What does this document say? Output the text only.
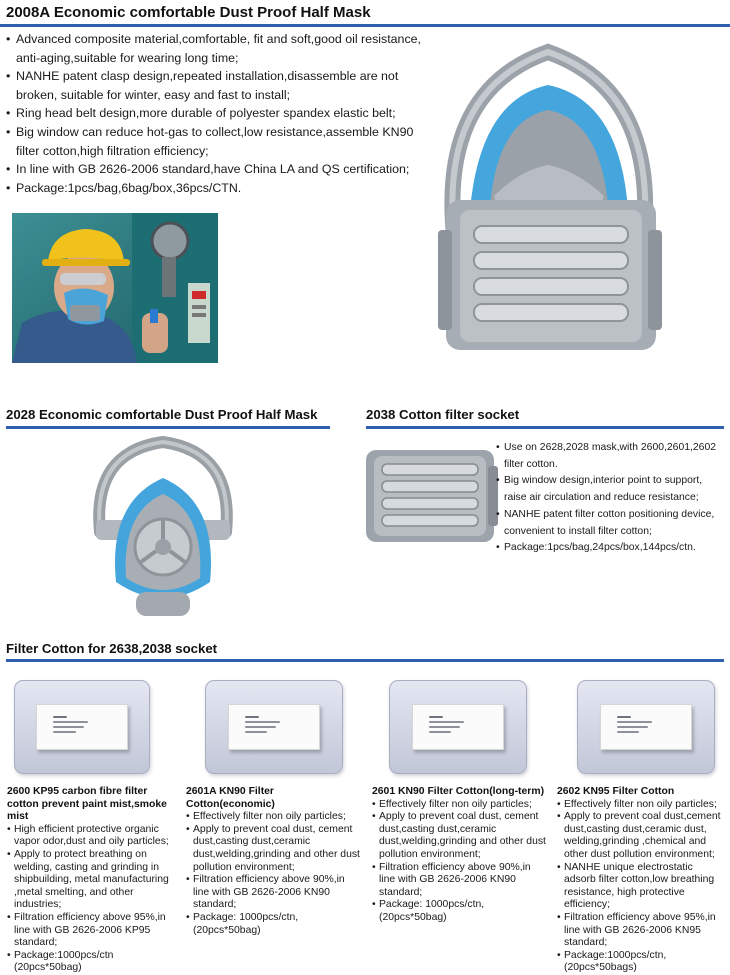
2008A Economic comfortable Dust Proof Half Mask
• Advanced composite material,comfortable, fit and soft,good oil resistance, anti-aging,suitable for wearing long time;
• NANHE patent clasp design,repeated installation,disassemble are not broken, suitable for winter, easy and fast to install;
• Ring head belt design,more durable of polyester spandex elastic belt;
• Big window can reduce hot-gas to collect,low resistance,assemble KN90 filter cotton,high filtration efficiency;
• In line with GB 2626-2006 standard,have China LA and QS certification;
• Package:1pcs/bag,6bag/box,36pcs/CTN.
2028 Economic comfortable Dust Proof Half Mask	2038 Cotton filter socket
• Use on 2628,2028 mask,with 2600,2601,2602 filter cotton.
• Big window design,interior point to support, raise air circulation and reduce resistance;
• NANHE patent filter cotton positioning device, convenient to install filter cotton;
• Package:1pcs/bag,24pcs/box,144pcs/ctn.
Filter Cotton for 2638,2038 socket
2600 KP95 carbon fibre filter cotton prevent paint mist,smoke mist
• High efficient protective organic vapor odor,dust and oily particles;
• Apply to protect breathing on welding, casting and grinding in shipbuilding, metal manufacturing ,metal smelting, and other industries;
• Filtration efficiency above 95%,in line with GB 2626-2006 KP95 standard;
• Package:1000pcs/ctn (20pcs*50bag)
2601A KN90 Filter Cotton(economic)
• Effectively filter non oily particles;
• Apply to prevent coal dust, cement dust,casting dust,ceramic dust,welding,grinding and other dust pollution environment;
• Filtration efficiency above 90%,in line with GB 2626-2006 KN90 standard;
• Package: 1000pcs/ctn,(20pcs*50bag)
2601 KN90 Filter Cotton(long-term)
• Effectively filter non oily particles;
• Apply to prevent coal dust, cement dust,casting dust,ceramic dust,welding,grinding and other dust pollution environment;
• Filtration efficiency above 90%,in line with GB 2626-2006 KN90 standard;
• Package: 1000pcs/ctn,(20pcs*50bag)
2602 KN95 Filter Cotton
• Effectively filter non oily particles;
• Apply to prevent coal dust,cement dust,casting dust,ceramic dust, welding,grinding ,chemical and other dust pollution environment;
• NANHE unique electrostatic adsorb filter cotton,low breathing resistance, high protective efficiency;
• Filtration efficiency above 95%,in line with GB 2626-2006 KN95 standard;
• Package:1000pcs/ctn,(20pcs*50bags)
